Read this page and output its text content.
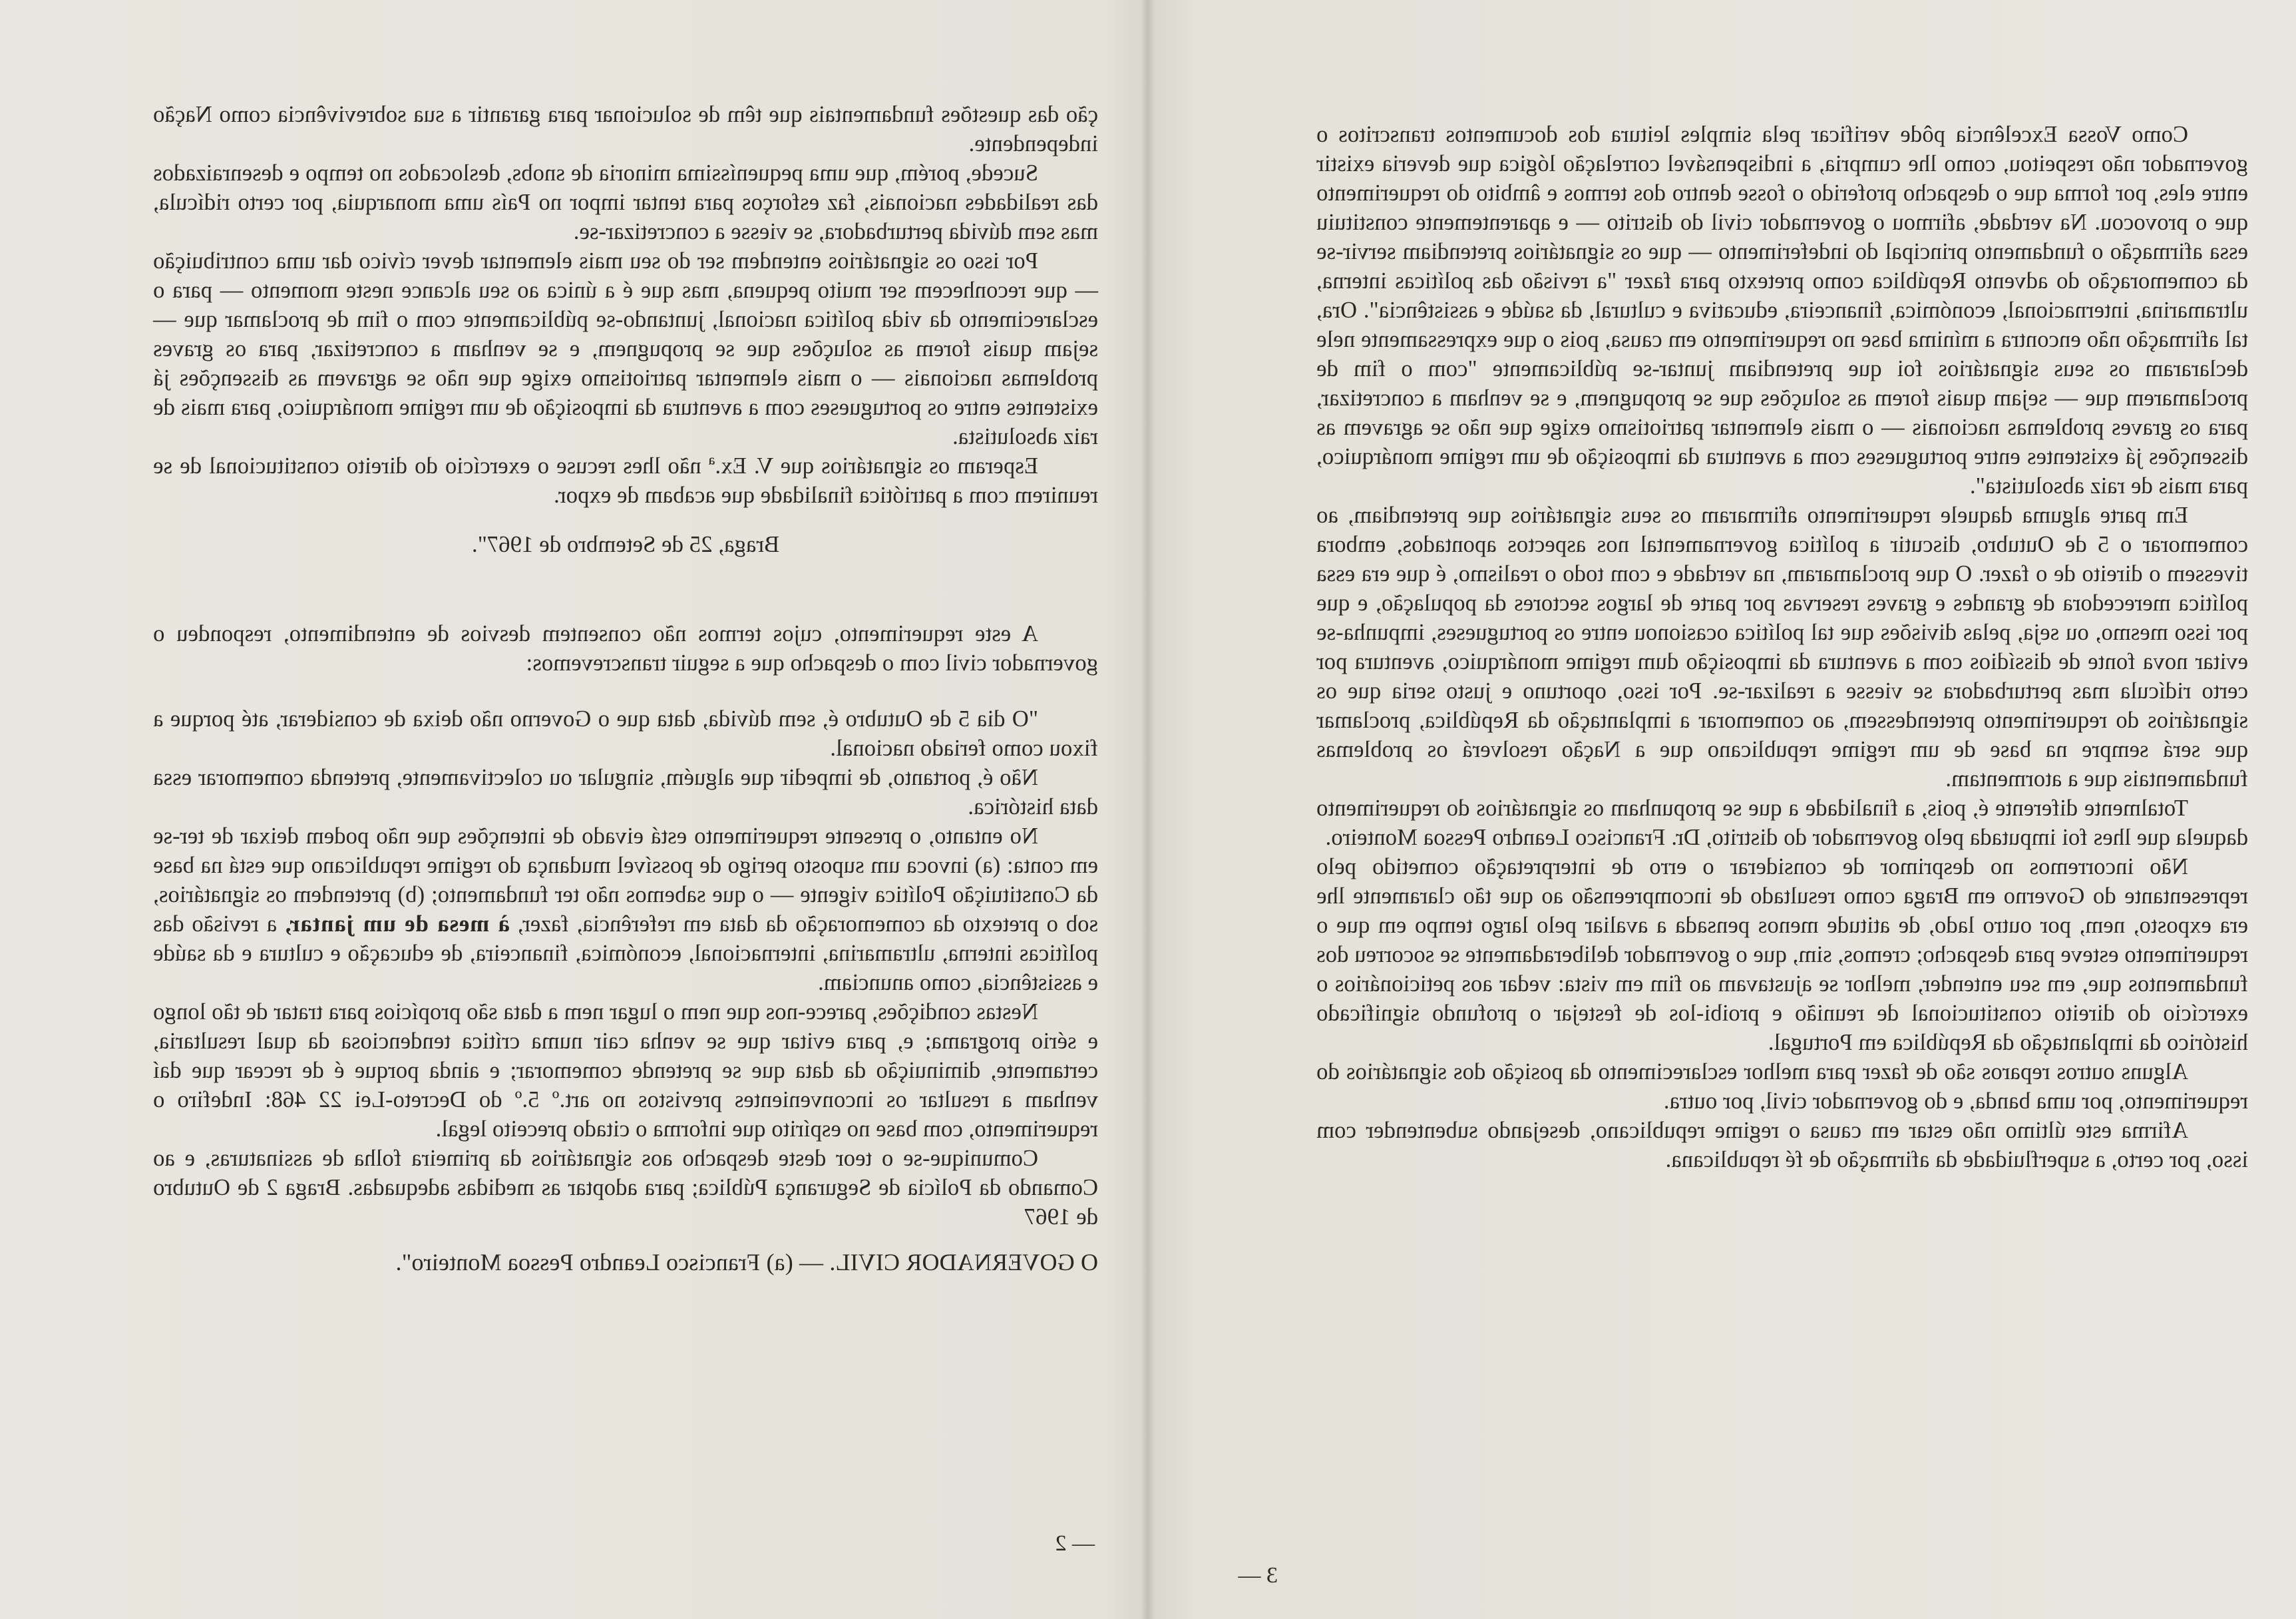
Como Vossa Excelência pôde verificar pela simples leitura dos documentos transcritos o governador não respeitou, como lhe cumpria, a indispensável correlação lógica que deveria existir entre eles, por forma que o despacho proferido o fosse dentro dos termos e âmbito do requerimento que o provocou. Na verdade, afirmou o governador civil do distrito — e aparentemente constituiu essa afirmação o fundamento principal do indeferimento — que os signatários pretendiam servir-se da comemoração do advento República como pretexto para fazer "a revisão das políticas interna, ultramarina, internacional, económica, financeira, educativa e cultural, da saúde e assistência". Ora, tal afirmação não encontra a mínima base no requerimento em causa, pois o que expressamente nele declararam os seus signatários foi que pretendiam juntar-se públicamente "com o fim de proclamarem que — sejam quais forem as soluções que se propugnem, e se venham a concretizar, para os graves problemas nacionais — o mais elementar patriotismo exige que não se agravem as dissenções já existentes entre portugueses com a aventura da imposição de um regime monárquico, para mais de raiz absolutista".

Em parte alguma daquele requerimento afirmaram os seus signatários que pretendiam, ao comemorar o 5 de Outubro, discutir a política governamental nos aspectos apontados, embora tivessem o direito de o fazer. O que proclamaram, na verdade e com todo o realismo, é que era essa política merecedora de grandes e graves reservas por parte de largos sectores da população, e que por isso mesmo, ou seja, pelas divisões que tal política ocasionou entre os portugueses, impunha-se evitar nova fonte de dissídios com a aventura da imposição dum regime monárquico, aventura por certo ridícula mas perturbadora se viesse a realizar-se. Por isso, oportuno e justo seria que os signatários do requerimento pretendessem, ao comemorar a implantação da República, proclamar que será sempre na base de um regime republicano que a Nação resolverá os problemas fundamentais que a atormentam.

Totalmente diferente é, pois, a finalidade a que se propunham os signatários do requerimento daquela que lhes foi imputada pelo governador do distrito, Dr. Francisco Leandro Pessoa Monteiro.

Não incorremos no desprimor de considerar o erro de interpretação cometido pelo representante do Governo em Braga como resultado de incompreensão ao que tão claramente lhe era exposto, nem, por outro lado, de atitude menos pensada a avaliar pelo largo tempo em que o requerimento esteve para despacho; cremos, sim, que o governador deliberadamente se socorreu dos fundamentos que, em seu entender, melhor se ajustavam ao fim em vista: vedar aos peticionários o exercício do direito constitucional de reunião e proibi-los de festejar o profundo significado histórico da implantação da República em Portugal.

Alguns outros reparos são de fazer para melhor esclarecimento da posição dos signatários do requerimento, por uma banda, e do governador civil, por outra.

Afirma este último não estar em causa o regime republicano, desejando subentender com isso, por certo, a superfluidade da afirmação de fé republicana.

3 —

ção das questões fundamentais que têm de solucionar para garantir a sua sobrevivência como Nação independente.

Sucede, porém, que uma pequeníssima minoria de snobs, deslocados no tempo e desenraizados das realidades nacionais, faz esforços para tentar impor no País uma monarquia, por certo ridícula, mas sem dúvida perturbadora, se viesse a concretizar-se.

Por isso os signatários entendem ser do seu mais elementar dever cívico dar uma contribuição — que reconhecem ser muito pequena, mas que é a única ao seu alcance neste momento — para o esclarecimento da vida política nacional, juntando-se públicamente com o fim de proclamar que — sejam quais forem as soluções que se propugnem, e se venham a concretizar, para os graves problemas nacionais — o mais elementar patriotismo exige que não se agravem as dissenções já existentes entre os portugueses com a aventura da imposição de um regime monárquico, para mais de raiz absolutista.

Esperam os signatários que V. Ex.ª não lhes recuse o exercício do direito constitucional de se reunirem com a patriótica finalidade que acabam de expor.

Braga, 25 de Setembro de 1967".

A este requerimento, cujos termos não consentem desvios de entendimento, respondeu o governador civil com o despacho que a seguir transcrevemos:

"O dia 5 de Outubro é, sem dúvida, data que o Governo não deixa de considerar, até porque a fixou como feriado nacional.

Não é, portanto, de impedir que alguém, singular ou colectivamente, pretenda comemorar essa data histórica.

No entanto, o presente requerimento está eivado de intenções que não podem deixar de ter-se em conta: (a) invoca um suposto perigo de possível mudança do regime republicano que está na base da Constituição Política vigente — o que sabemos não ter fundamento; (b) pretendem os signatários, sob o pretexto da comemoração da data em referência, fazer, à mesa de um jantar, a revisão das políticas interna, ultramarina, internacional, económica, financeira, de educação e cultura e da saúde e assistência, como anunciam.

Nestas condições, parece-nos que nem o lugar nem a data são propícios para tratar de tão longo e sério programa; e, para evitar que se venha cair numa crítica tendenciosa da qual resultaria, certamente, diminuição da data que se pretende comemorar; e ainda porque é de recear que daí venham a resultar os inconvenientes previstos no art.º 5.º do Decreto-Lei 22 468: Indefiro o requerimento, com base no espírito que informa o citado preceito legal.

Comunique-se o teor deste despacho aos signatários da primeira folha de assinaturas, e ao Comando da Polícia de Segurança Pública; para adoptar as medidas adequadas. Braga 2 de Outubro de 1967

O GOVERNADOR CIVIL. — (a) Francisco Leandro Pessoa Monteiro".

— 2
